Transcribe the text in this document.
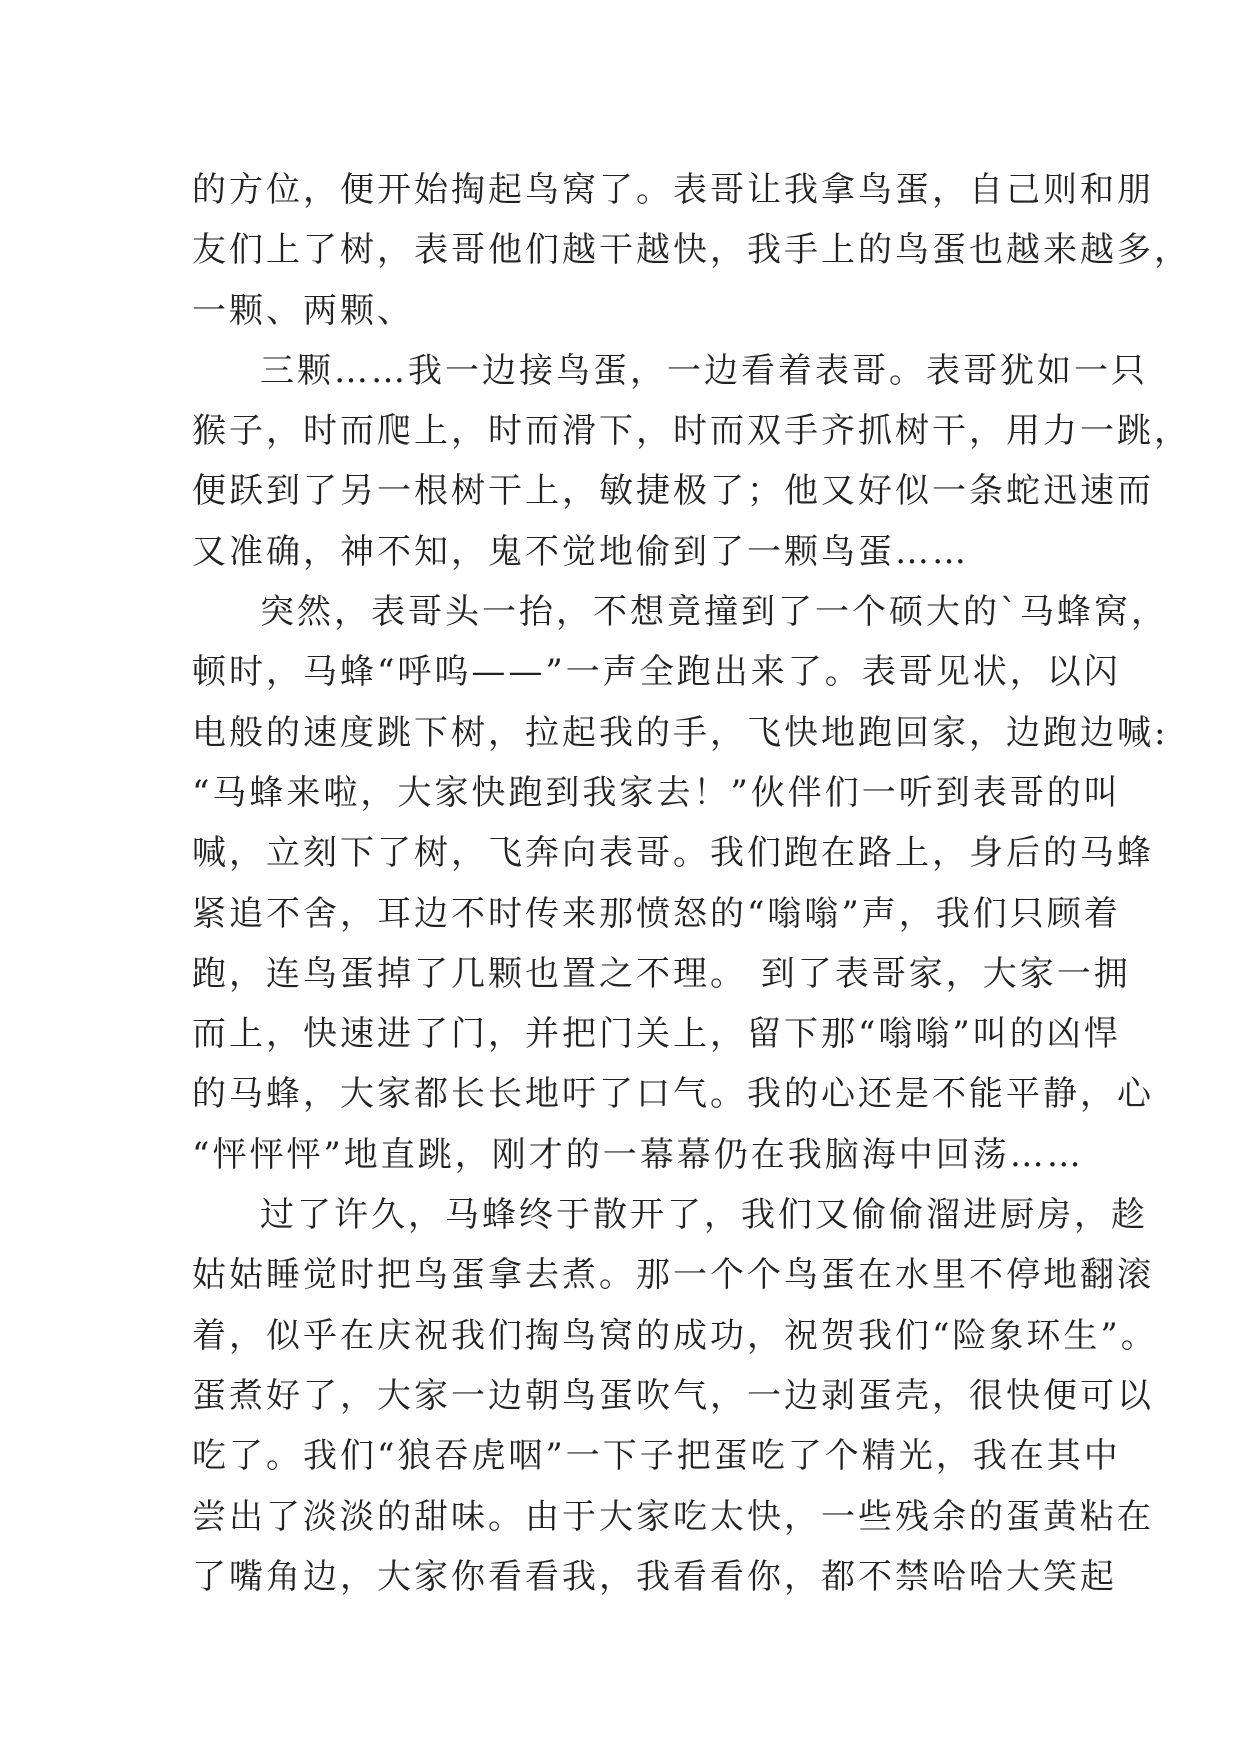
的方位，便开始掏起鸟窝了。表哥让我拿鸟蛋，自己则和朋
友们上了树，表哥他们越干越快，我手上的鸟蛋也越来越多，
一颗、两颗、
三颗……我一边接鸟蛋，一边看着表哥。表哥犹如一只
猴子，时而爬上，时而滑下，时而双手齐抓树干，用力一跳，
便跃到了另一根树干上，敏捷极了；他又好似一条蛇迅速而
又准确，神不知，鬼不觉地偷到了一颗鸟蛋……
突然，表哥头一抬，不想竟撞到了一个硕大的`马蜂窝，
顿时，马蜂“呼呜——”一声全跑出来了。表哥见状，以闪
电般的速度跳下树，拉起我的手，飞快地跑回家，边跑边喊:
“马蜂来啦，大家快跑到我家去！”伙伴们一听到表哥的叫
喊，立刻下了树，飞奔向表哥。我们跑在路上，身后的马蜂
紧追不舍，耳边不时传来那愤怒的“嗡嗡”声，我们只顾着
跑，连鸟蛋掉了几颗也置之不理。 到了表哥家，大家一拥
而上，快速进了门，并把门关上，留下那“嗡嗡”叫的凶悍
的马蜂，大家都长长地吁了口气。我的心还是不能平静，心
“怦怦怦”地直跳，刚才的一幕幕仍在我脑海中回荡……
过了许久，马蜂终于散开了，我们又偷偷溜进厨房，趁
姑姑睡觉时把鸟蛋拿去煮。那一个个鸟蛋在水里不停地翻滚
着，似乎在庆祝我们掏鸟窝的成功，祝贺我们“险象环生”。
蛋煮好了，大家一边朝鸟蛋吹气，一边剥蛋壳，很快便可以
吃了。我们“狼吞虎咽”一下子把蛋吃了个精光，我在其中
尝出了淡淡的甜味。由于大家吃太快，一些残余的蛋黄粘在
了嘴角边，大家你看看我，我看看你，都不禁哈哈大笑起
